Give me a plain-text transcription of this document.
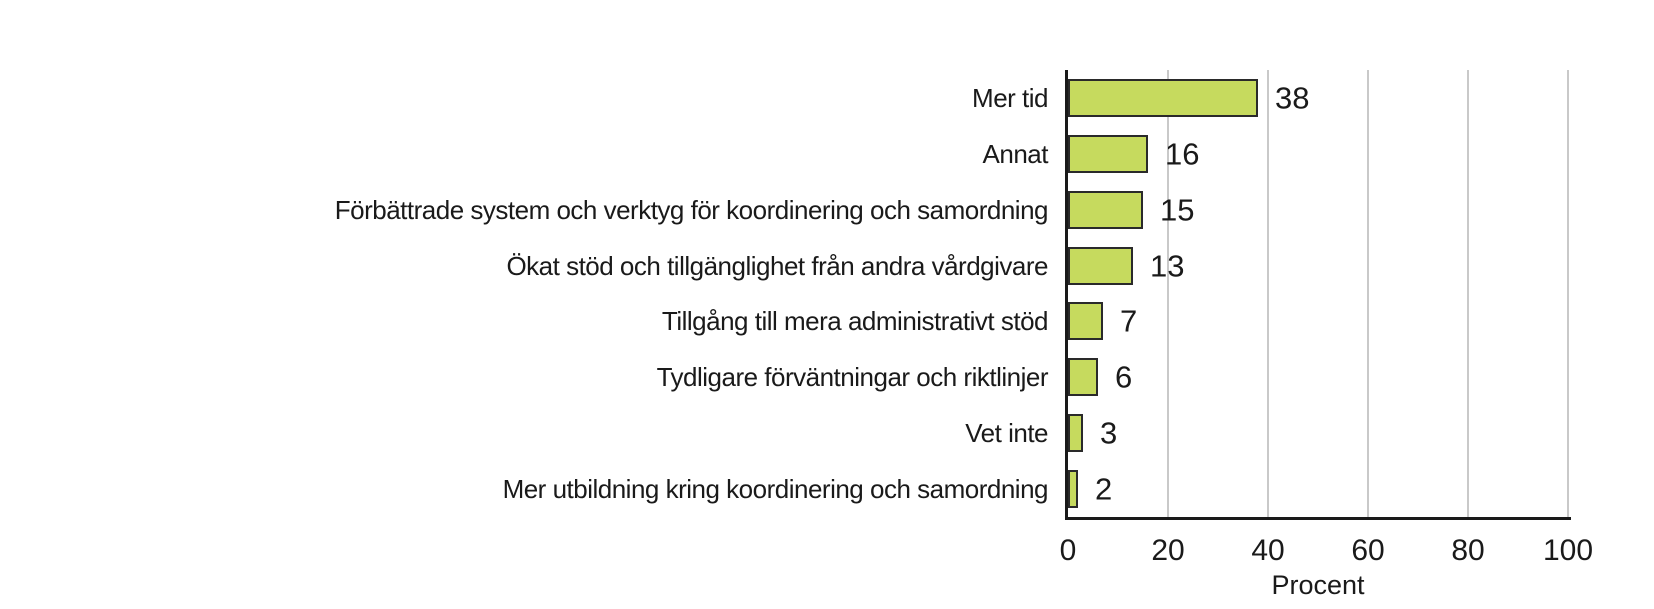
Mer tid	38
Annat	16
Förbättrade system och verktyg för koordinering och samordning	15
Ökat stöd och tillgänglighet från andra vårdgivare	13
Tillgång till mera administrativt stöd 7
Tydligare förväntningar och riktlinjer 6
Vet inte 3
Mer utbildning kring koordinering och samordning 2
0 20 40 60 80 100
Procent
